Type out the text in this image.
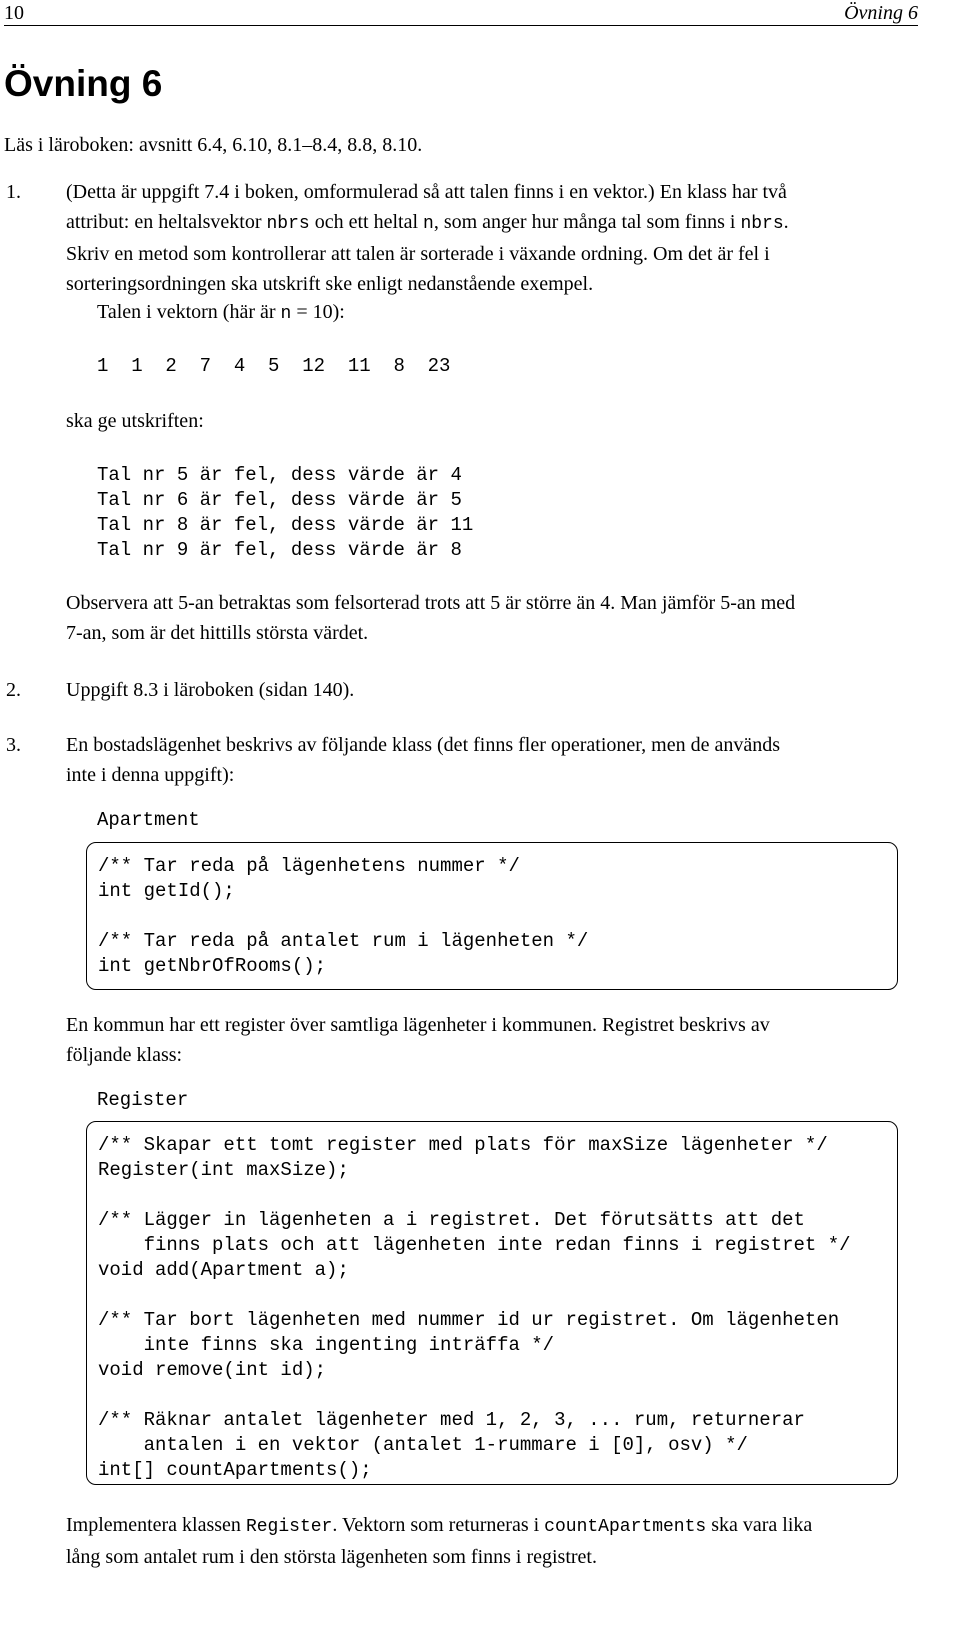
10	Övning 6
Övning 6
Läs i läroboken: avsnitt 6.4, 6.10, 8.1–8.4, 8.8, 8.10.
1. (Detta är uppgift 7.4 i boken, omformulerad så att talen finns i en vektor.) En klass har två
attribut: en heltalsvektor nbrs och ett heltal n, som anger hur många tal som finns i nbrs.
Skriv en metod som kontrollerar att talen är sorterade i växande ordning. Om det är fel i
sorteringsordningen ska utskrift ske enligt nedanstående exempel.
Talen i vektorn (här är n = 10):
1  1  2  7  4  5  12  11  8  23
ska ge utskriften:
Tal nr 5 är fel, dess värde är 4
Tal nr 6 är fel, dess värde är 5
Tal nr 8 är fel, dess värde är 11
Tal nr 9 är fel, dess värde är 8
Observera att 5-an betraktas som felsorterad trots att 5 är större än 4. Man jämför 5-an med
7-an, som är det hittills största värdet.
2. Uppgift 8.3 i läroboken (sidan 140).
3. En bostadslägenhet beskrivs av följande klass (det finns fler operationer, men de används
inte i denna uppgift):
Apartment
/** Tar reda på lägenhetens nummer */
int getId();

/** Tar reda på antalet rum i lägenheten */
int getNbrOfRooms();
En kommun har ett register över samtliga lägenheter i kommunen. Registret beskrivs av
följande klass:
Register
/** Skapar ett tomt register med plats för maxSize lägenheter */
Register(int maxSize);

/** Lägger in lägenheten a i registret. Det förutsätts att det
finns plats och att lägenheten inte redan finns i registret */
void add(Apartment a);

/** Tar bort lägenheten med nummer id ur registret. Om lägenheten
inte finns ska ingenting inträffa */
void remove(int id);

/** Räknar antalet lägenheter med 1, 2, 3, ... rum, returnerar
antalen i en vektor (antalet 1-rummare i [0], osv) */
int[] countApartments();
Implementera klassen Register. Vektorn som returneras i countApartments ska vara lika
lång som antalet rum i den största lägenheten som finns i registret.
